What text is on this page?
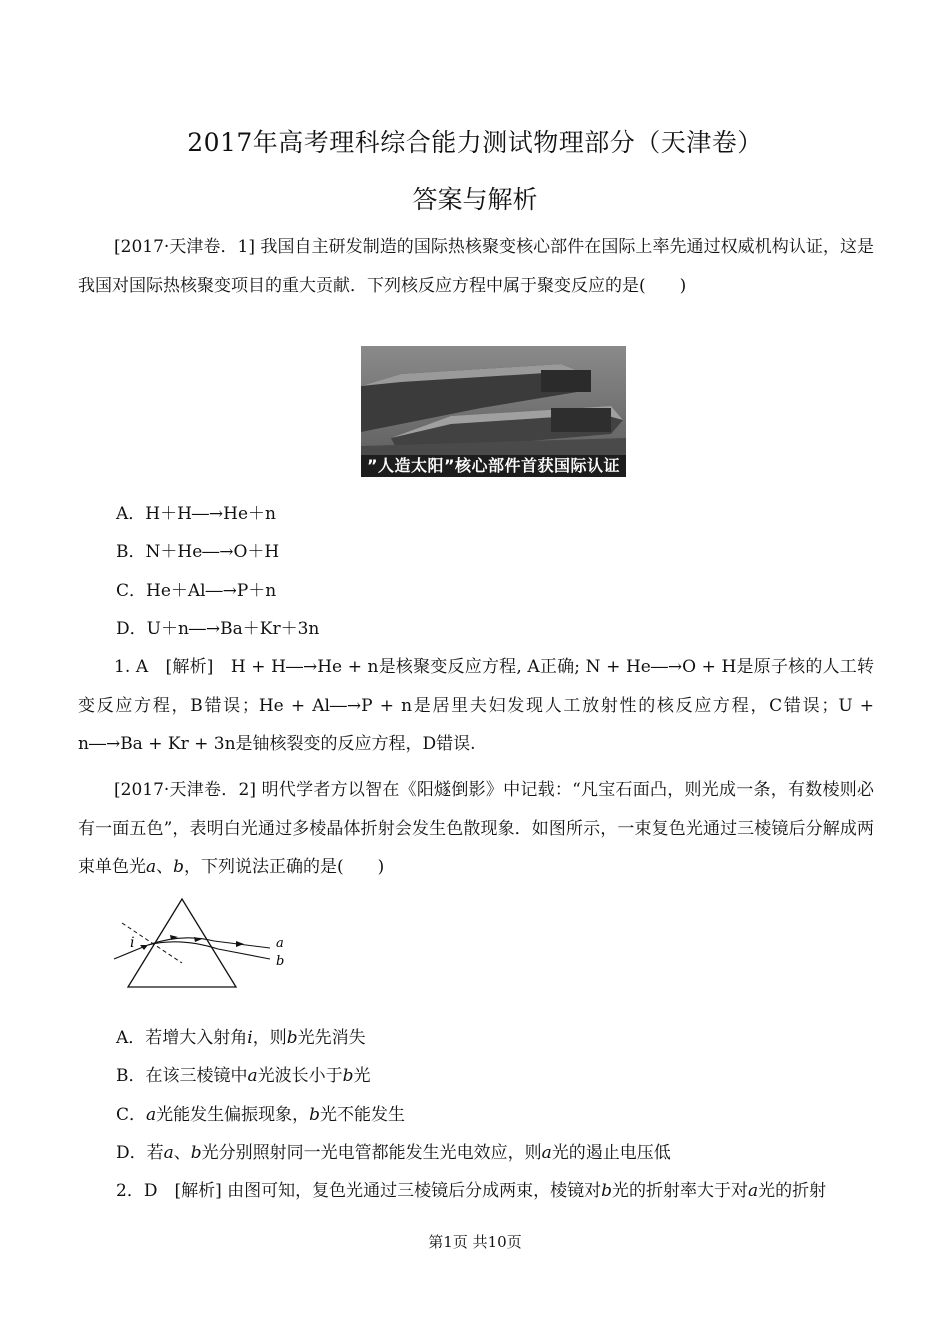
2017年高考理科综合能力测试物理部分（天津卷）
答案与解析
[2017·天津卷．1] 我国自主研发制造的国际热核聚变核心部件在国际上率先通过权威机构认证，这是我国对国际热核聚变项目的重大贡献．下列核反应方程中属于聚变反应的是(　　)
”人造太阳”核心部件首获国际认证
A．H＋H―→He＋n
B．N＋He―→O＋H
C．He＋Al―→P＋n
D．U＋n―→Ba＋Kr＋3n
1. A　[解析]　H + H―→He + n是核聚变反应方程, A正确; N + He―→O + H是原子核的人工转变反应方程，B错误；He + Al―→P + n是居里夫妇发现人工放射性的核反应方程，C错误；U + n―→Ba + Kr + 3n是铀核裂变的反应方程，D错误.
[2017·天津卷．2] 明代学者方以智在《阳燧倒影》中记载：“凡宝石面凸，则光成一条，有数棱则必有一面五色”，表明白光通过多棱晶体折射会发生色散现象．如图所示，一束复色光通过三棱镜后分解成两束单色光a、b，下列说法正确的是(　　)
i	a
b
A．若增大入射角i，则b光先消失
B．在该三棱镜中a光波长小于b光
C．a光能发生偏振现象，b光不能发生
D．若a、b光分别照射同一光电管都能发生光电效应，则a光的遏止电压低
2．D　[解析] 由图可知，复色光通过三棱镜后分成两束，棱镜对b光的折射率大于对a光的折射
第1页 共10页
